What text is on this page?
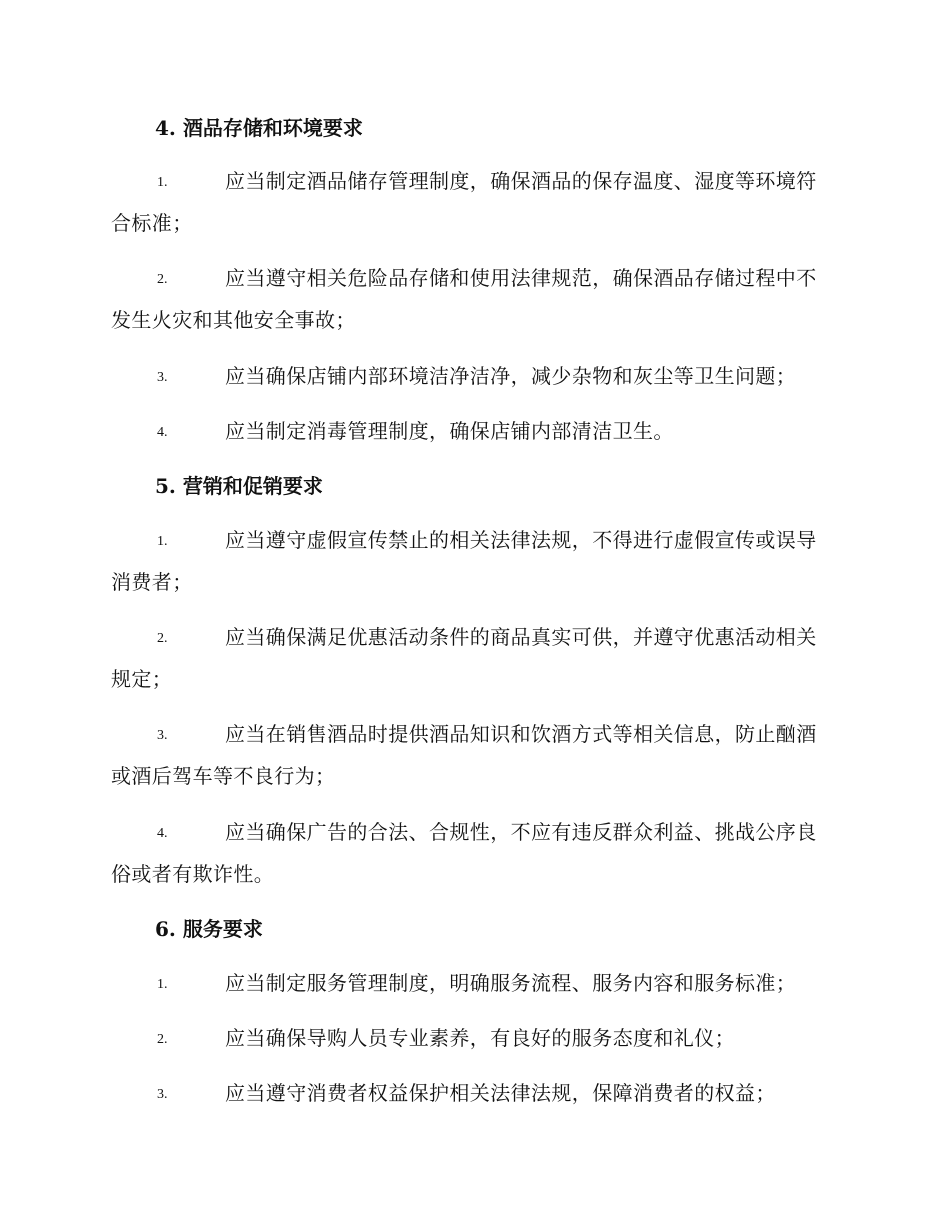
4. 酒品存储和环境要求
1.	应当制定酒品储存管理制度，确保酒品的保存温度、湿度等环境符合标准；

2.	应当遵守相关危险品存储和使用法律规范，确保酒品存储过程中不发生火灾和其他安全事故；

3.	应当确保店铺内部环境洁净洁净，减少杂物和灰尘等卫生问题；

4.	应当制定消毒管理制度，确保店铺内部清洁卫生。

5. 营销和促销要求
1.	应当遵守虚假宣传禁止的相关法律法规，不得进行虚假宣传或误导消费者；

2.	应当确保满足优惠活动条件的商品真实可供，并遵守优惠活动相关规定；

3.	应当在销售酒品时提供酒品知识和饮酒方式等相关信息，防止酗酒或酒后驾车等不良行为；

4.	应当确保广告的合法、合规性，不应有违反群众利益、挑战公序良俗或者有欺诈性。

6. 服务要求
1.	应当制定服务管理制度，明确服务流程、服务内容和服务标准；

2.	应当确保导购人员专业素养，有良好的服务态度和礼仪；

3.	应当遵守消费者权益保护相关法律法规，保障消费者的权益；
